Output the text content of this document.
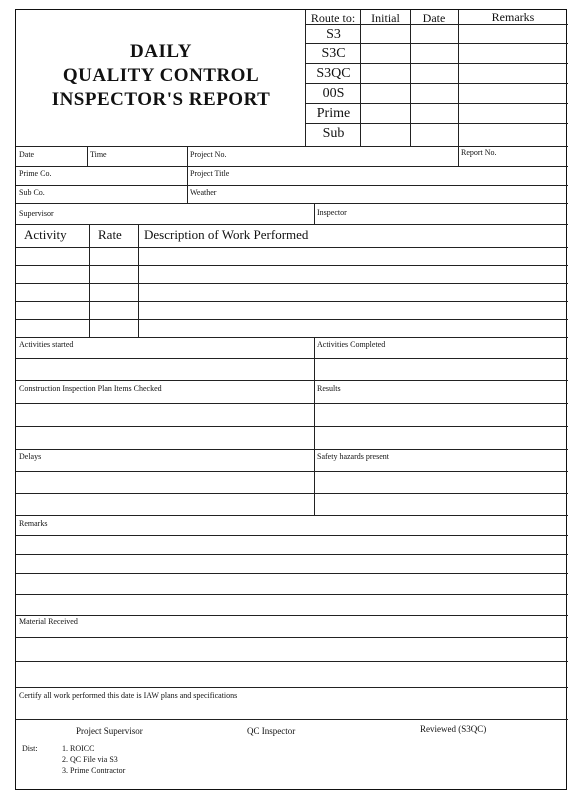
DAILY
QUALITY CONTROL
INSPECTOR'S REPORT
Route to:	Initial	Date	Remarks
S3
S3C
S3QC
00S
Prime
Sub
Date	Time	Project No.	Report No.
Prime Co.	Project Title
Sub Co.	Weather
Supervisor	Inspector
Activity Rate Description of Work Performed
Activities started	Activities Completed
Construction Inspection Plan Items Checked	Results
Delays	Safety hazards present
Remarks
Material Received
Certify all work performed this date is IAW plans and specifications
Project Supervisor	QC Inspector	Reviewed (S3QC)
Dist:	1. ROICC
2. QC File via S3
3. Prime Contractor
